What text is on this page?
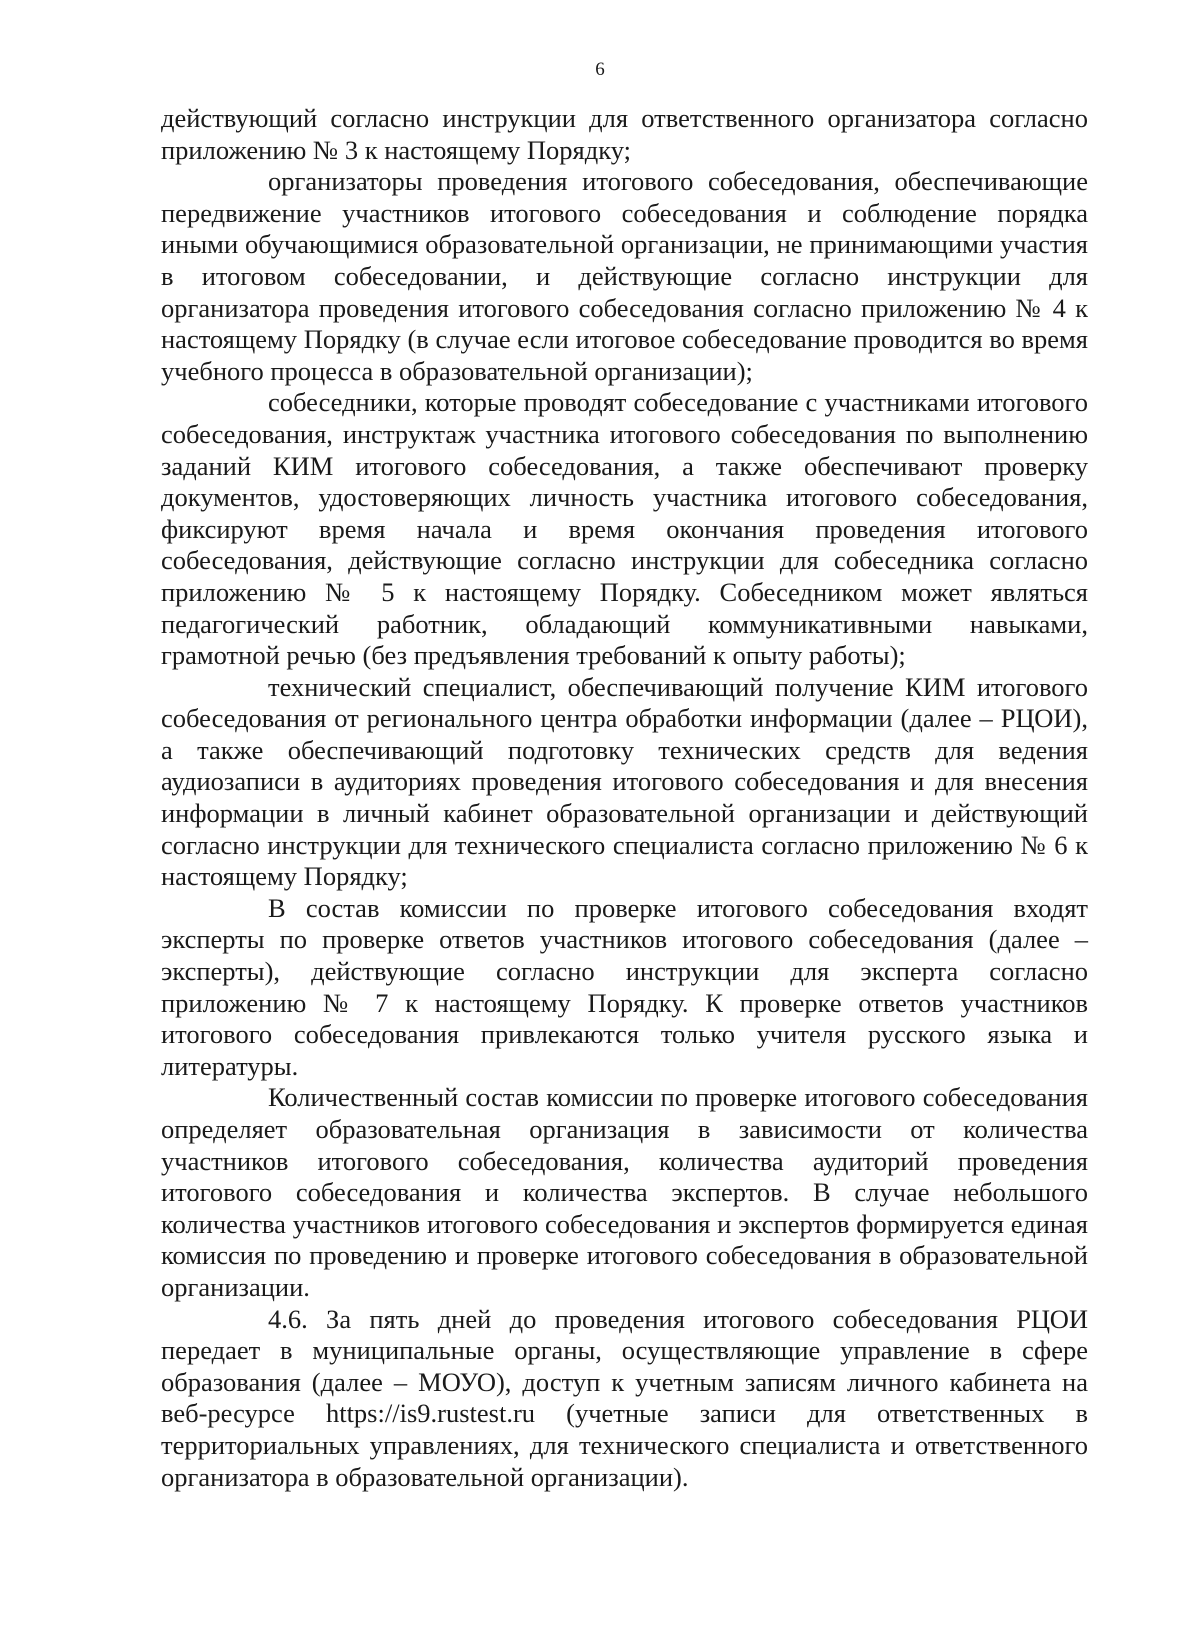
6

действующий согласно инструкции для ответственного организатора согласно приложению № 3 к настоящему Порядку;

организаторы проведения итогового собеседования, обеспечивающие передвижение участников итогового собеседования и соблюдение порядка иными обучающимися образовательной организации, не принимающими участия в итоговом собеседовании, и действующие согласно инструкции для организатора проведения итогового собеседования согласно приложению № 4 к настоящему Порядку (в случае если итоговое собеседование проводится во время учебного процесса в образовательной организации);

собеседники, которые проводят собеседование с участниками итогового собеседования, инструктаж участника итогового собеседования по выполнению заданий КИМ итогового собеседования, а также обеспечивают проверку документов, удостоверяющих личность участника итогового собеседования, фиксируют время начала и время окончания проведения итогового собеседования, действующие согласно инструкции для собеседника согласно приложению № 5 к настоящему Порядку. Собеседником может являться педагогический работник, обладающий коммуникативными навыками, грамотной речью (без предъявления требований к опыту работы);

технический специалист, обеспечивающий получение КИМ итогового собеседования от регионального центра обработки информации (далее – РЦОИ), а также обеспечивающий подготовку технических средств для ведения аудиозаписи в аудиториях проведения итогового собеседования и для внесения информации в личный кабинет образовательной организации и действующий согласно инструкции для технического специалиста согласно приложению № 6 к настоящему Порядку;

В состав комиссии по проверке итогового собеседования входят эксперты по проверке ответов участников итогового собеседования (далее – эксперты), действующие согласно инструкции для эксперта согласно приложению № 7 к настоящему Порядку. К проверке ответов участников итогового собеседования привлекаются только учителя русского языка и литературы.

Количественный состав комиссии по проверке итогового собеседования определяет образовательная организация в зависимости от количества участников итогового собеседования, количества аудиторий проведения итогового собеседования и количества экспертов. В случае небольшого количества участников итогового собеседования и экспертов формируется единая комиссия по проведению и проверке итогового собеседования в образовательной организации.

4.6. За пять дней до проведения итогового собеседования РЦОИ передает в муниципальные органы, осуществляющие управление в сфере образования (далее – МОУО), доступ к учетным записям личного кабинета на веб-ресурсе https://is9.rustest.ru (учетные записи для ответственных в территориальных управлениях, для технического специалиста и ответственного организатора в образовательной организации).
